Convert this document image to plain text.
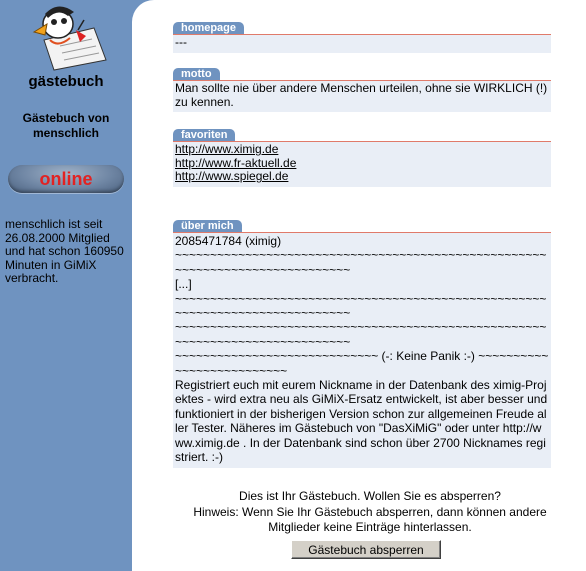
gästebuch
Gästebuch von
menschlich
online
menschlich ist seit 26.08.2000 Mitglied und hat schon 160950 Minuten in GiMiX verbracht.
homepage
---
motto
Man sollte nie über andere Menschen urteilen, ohne sie WIRKLICH (!) zu kennen.
favoriten
http://www.ximig.de
http://www.fr-aktuell.de
http://www.spiegel.de
über mich
2085471784 (ximig)
~~~~~~~~~~~~~~~~~~~~~~~~~~~~~~~~~~~~~~~~~~~~~~~~~~~~~~~~~~~~~~~~~~~~~~~~~~~~~~
[...]
~~~~~~~~~~~~~~~~~~~~~~~~~~~~~~~~~~~~~~~~~~~~~~~~~~~~~~~~~~~~~~~~~~~~~~~~~~~~~~
~~~~~~~~~~~~~~~~~~~~~~~~~~~~~~~~~~~~~~~~~~~~~~~~~~~~~~~~~~~~~~~~~~~~~~~~~~~~~~
~~~~~~~~~~~~~~~~~~~~~~~~~~~~~ (-: Keine Panik :-) ~~~~~~~~~~~~~~~~~~~~~~~~~~
Registriert euch mit eurem Nickname in der Datenbank des ximig-Projektes - wird extra neu als GiMiX-Ersatz entwickelt, ist aber besser und funktioniert in der bisherigen Version schon zur allgemeinen Freude aller Tester. Näheres im Gästebuch von "DasXiMiG" oder unter http://www.ximig.de . In der Datenbank sind schon über 2700 Nicknames registriert. :-)
Dies ist Ihr Gästebuch. Wollen Sie es absperren?
Hinweis: Wenn Sie Ihr Gästebuch absperren, dann können andere
Mitglieder keine Einträge hinterlassen.
Gästebuch absperren
